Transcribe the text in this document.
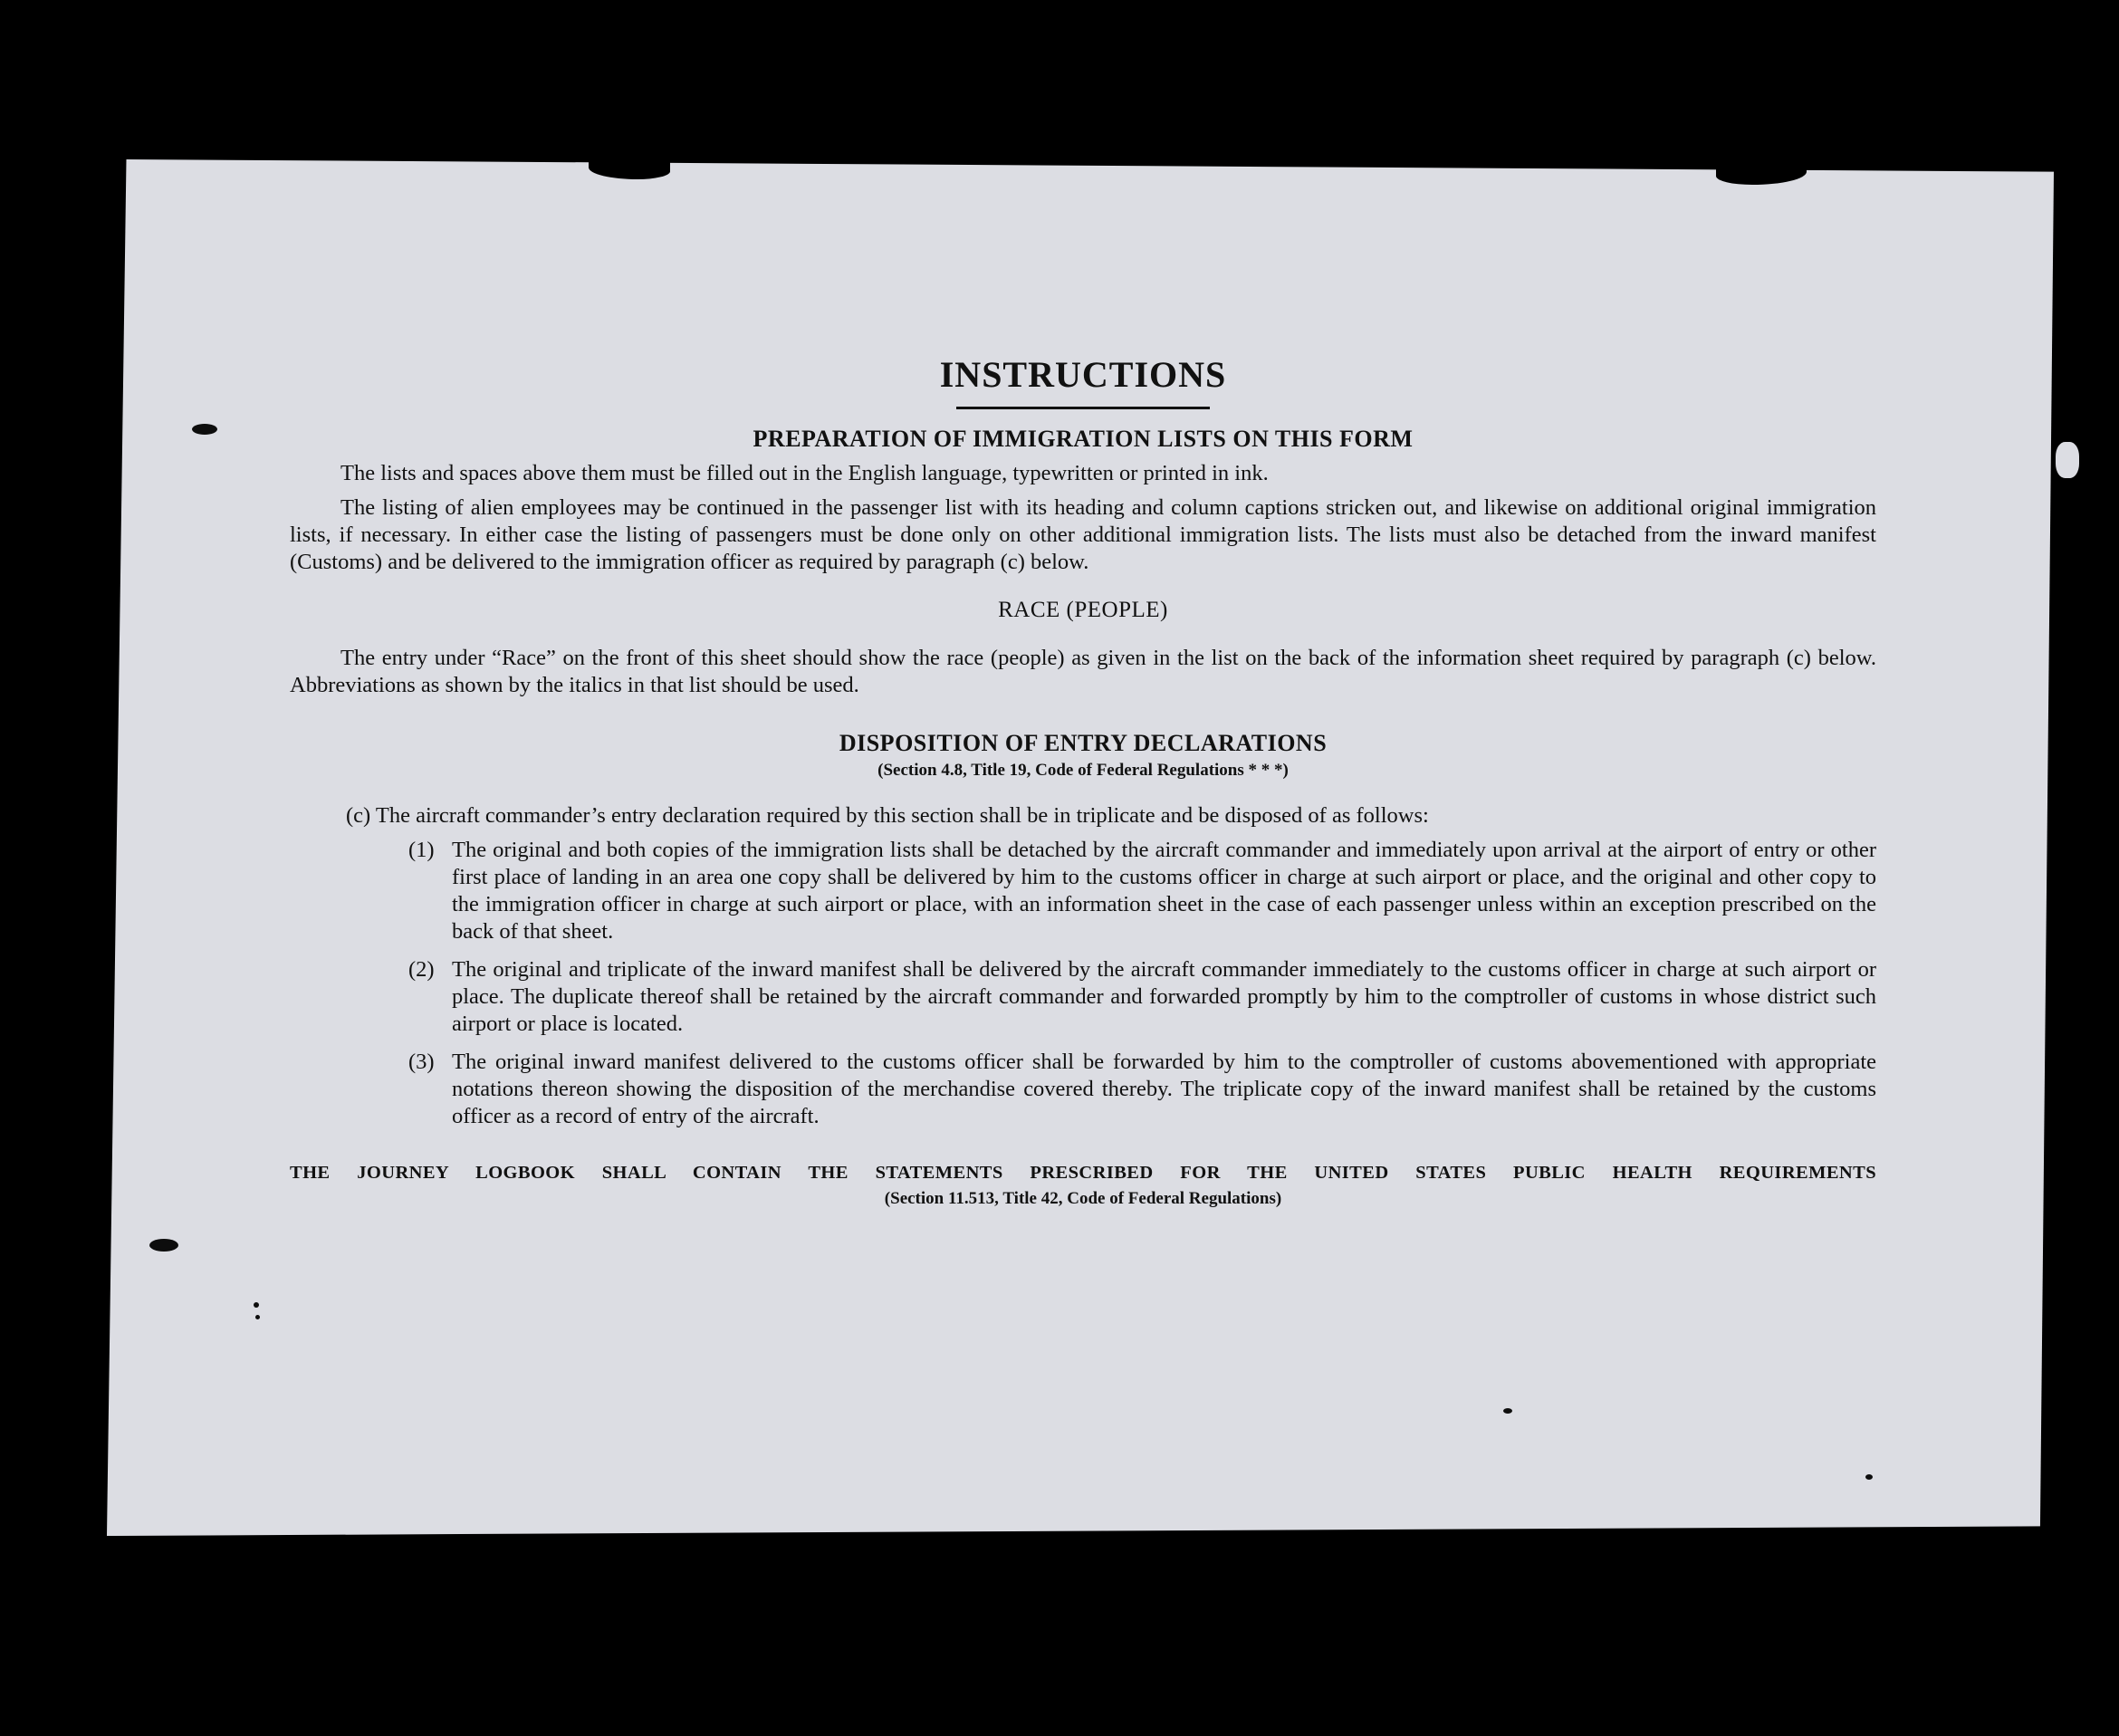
INSTRUCTIONS
PREPARATION OF IMMIGRATION LISTS ON THIS FORM

The lists and spaces above them must be filled out in the English language, typewritten or printed in ink.

The listing of alien employees may be continued in the passenger list with its heading and column captions stricken out, and likewise on additional original immigration lists, if necessary. In either case the listing of passengers must be done only on other additional immigration lists. The lists must also be detached from the inward manifest (Customs) and be delivered to the immigration officer as required by paragraph (c) below.

RACE (PEOPLE)

The entry under “Race” on the front of this sheet should show the race (people) as given in the list on the back of the information sheet required by paragraph (c) below. Abbreviations as shown by the italics in that list should be used.

DISPOSITION OF ENTRY DECLARATIONS
(Section 4.8, Title 19, Code of Federal Regulations * * *)

(c) The aircraft commander’s entry declaration required by this section shall be in triplicate and be disposed of as follows:

(1) The original and both copies of the immigration lists shall be detached by the aircraft commander and immediately upon arrival at the airport of entry or other first place of landing in an area one copy shall be delivered by him to the customs officer in charge at such airport or place, and the original and other copy to the immigration officer in charge at such airport or place, with an information sheet in the case of each passenger unless within an exception prescribed on the back of that sheet.
(2) The original and triplicate of the inward manifest shall be delivered by the aircraft commander immediately to the customs officer in charge at such airport or place. The duplicate thereof shall be retained by the aircraft commander and forwarded promptly by him to the comptroller of customs in whose district such airport or place is located.
(3) The original inward manifest delivered to the customs officer shall be forwarded by him to the comptroller of customs abovementioned with appropriate notations thereon showing the disposition of the merchandise covered thereby. The triplicate copy of the inward manifest shall be retained by the customs officer as a record of entry of the aircraft.
THE JOURNEY LOGBOOK SHALL CONTAIN THE STATEMENTS PRESCRIBED FOR THE UNITED STATES PUBLIC HEALTH REQUIREMENTS
(Section 11.513, Title 42, Code of Federal Regulations)
